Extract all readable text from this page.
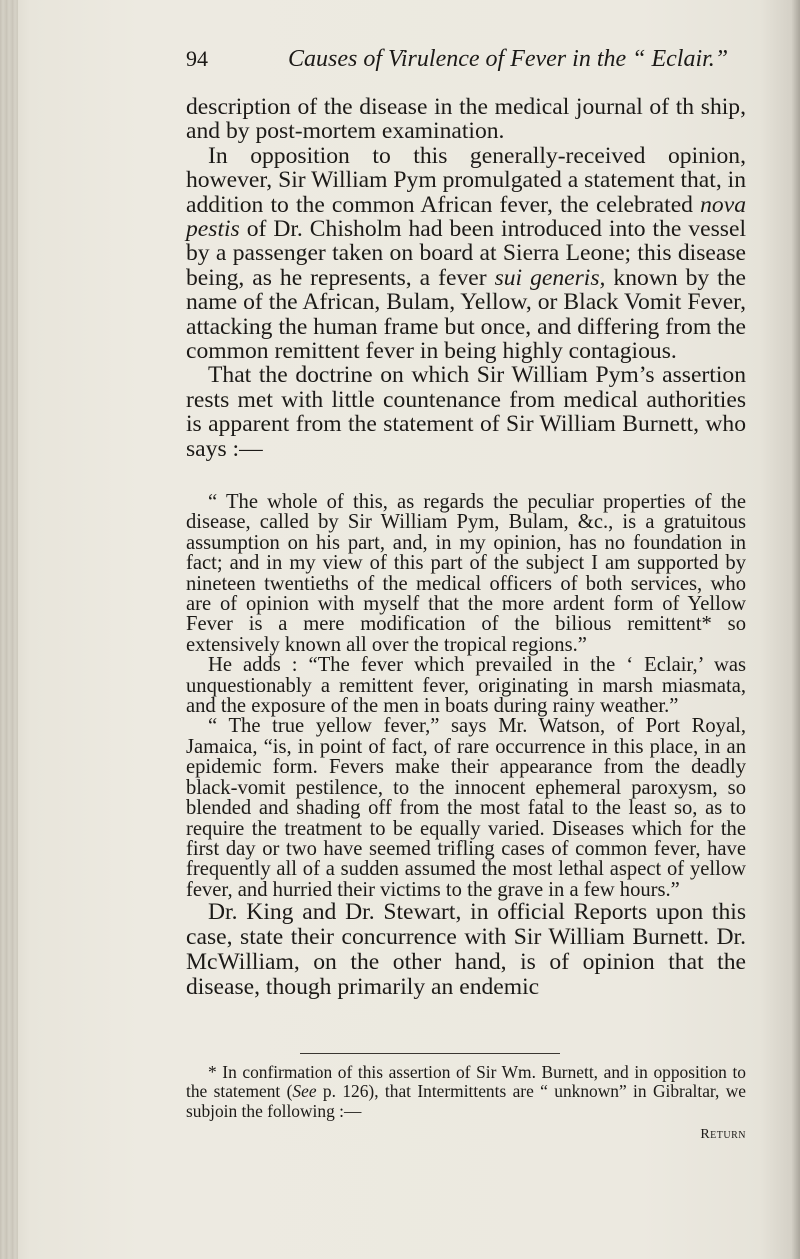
94	Causes of Virulence of Fever in the “ Eclair.”

description of the disease in the medical journal of th ship, and by post-mortem examination.

In opposition to this generally-received opinion, however, Sir William Pym promulgated a statement that, in addition to the common African fever, the celebrated nova pestis of Dr. Chisholm had been introduced into the vessel by a passenger taken on board at Sierra Leone; this disease being, as he represents, a fever sui generis, known by the name of the African, Bulam, Yellow, or Black Vomit Fever, attacking the human frame but once, and differing from the common remittent fever in being highly contagious.

That the doctrine on which Sir William Pym’s assertion rests met with little countenance from medical authorities is apparent from the statement of Sir William Burnett, who says :—

“ The whole of this, as regards the peculiar properties of the disease, called by Sir William Pym, Bulam, &c., is a gratuitous assumption on his part, and, in my opinion, has no foundation in fact; and in my view of this part of the subject I am supported by nineteen twentieths of the medical officers of both services, who are of opinion with myself that the more ardent form of Yellow Fever is a mere modification of the bilious remittent* so extensively known all over the tropical regions.”

He adds : “The fever which prevailed in the ‘ Eclair,’ was unquestionably a remittent fever, originating in marsh miasmata, and the exposure of the men in boats during rainy weather.”

“ The true yellow fever,” says Mr. Watson, of Port Royal, Jamaica, “is, in point of fact, of rare occurrence in this place, in an epidemic form. Fevers make their appearance from the deadly black-vomit pestilence, to the innocent ephemeral paroxysm, so blended and shading off from the most fatal to the least so, as to require the treatment to be equally varied. Diseases which for the first day or two have seemed trifling cases of common fever, have frequently all of a sudden assumed the most lethal aspect of yellow fever, and hurried their victims to the grave in a few hours.”

Dr. King and Dr. Stewart, in official Reports upon this case, state their concurrence with Sir William Burnett. Dr. McWilliam, on the other hand, is of opinion that the disease, though primarily an endemic

* In confirmation of this assertion of Sir Wm. Burnett, and in opposition to the statement (See p. 126), that Intermittents are “ unknown” in Gibraltar, we subjoin the following :—

Return
